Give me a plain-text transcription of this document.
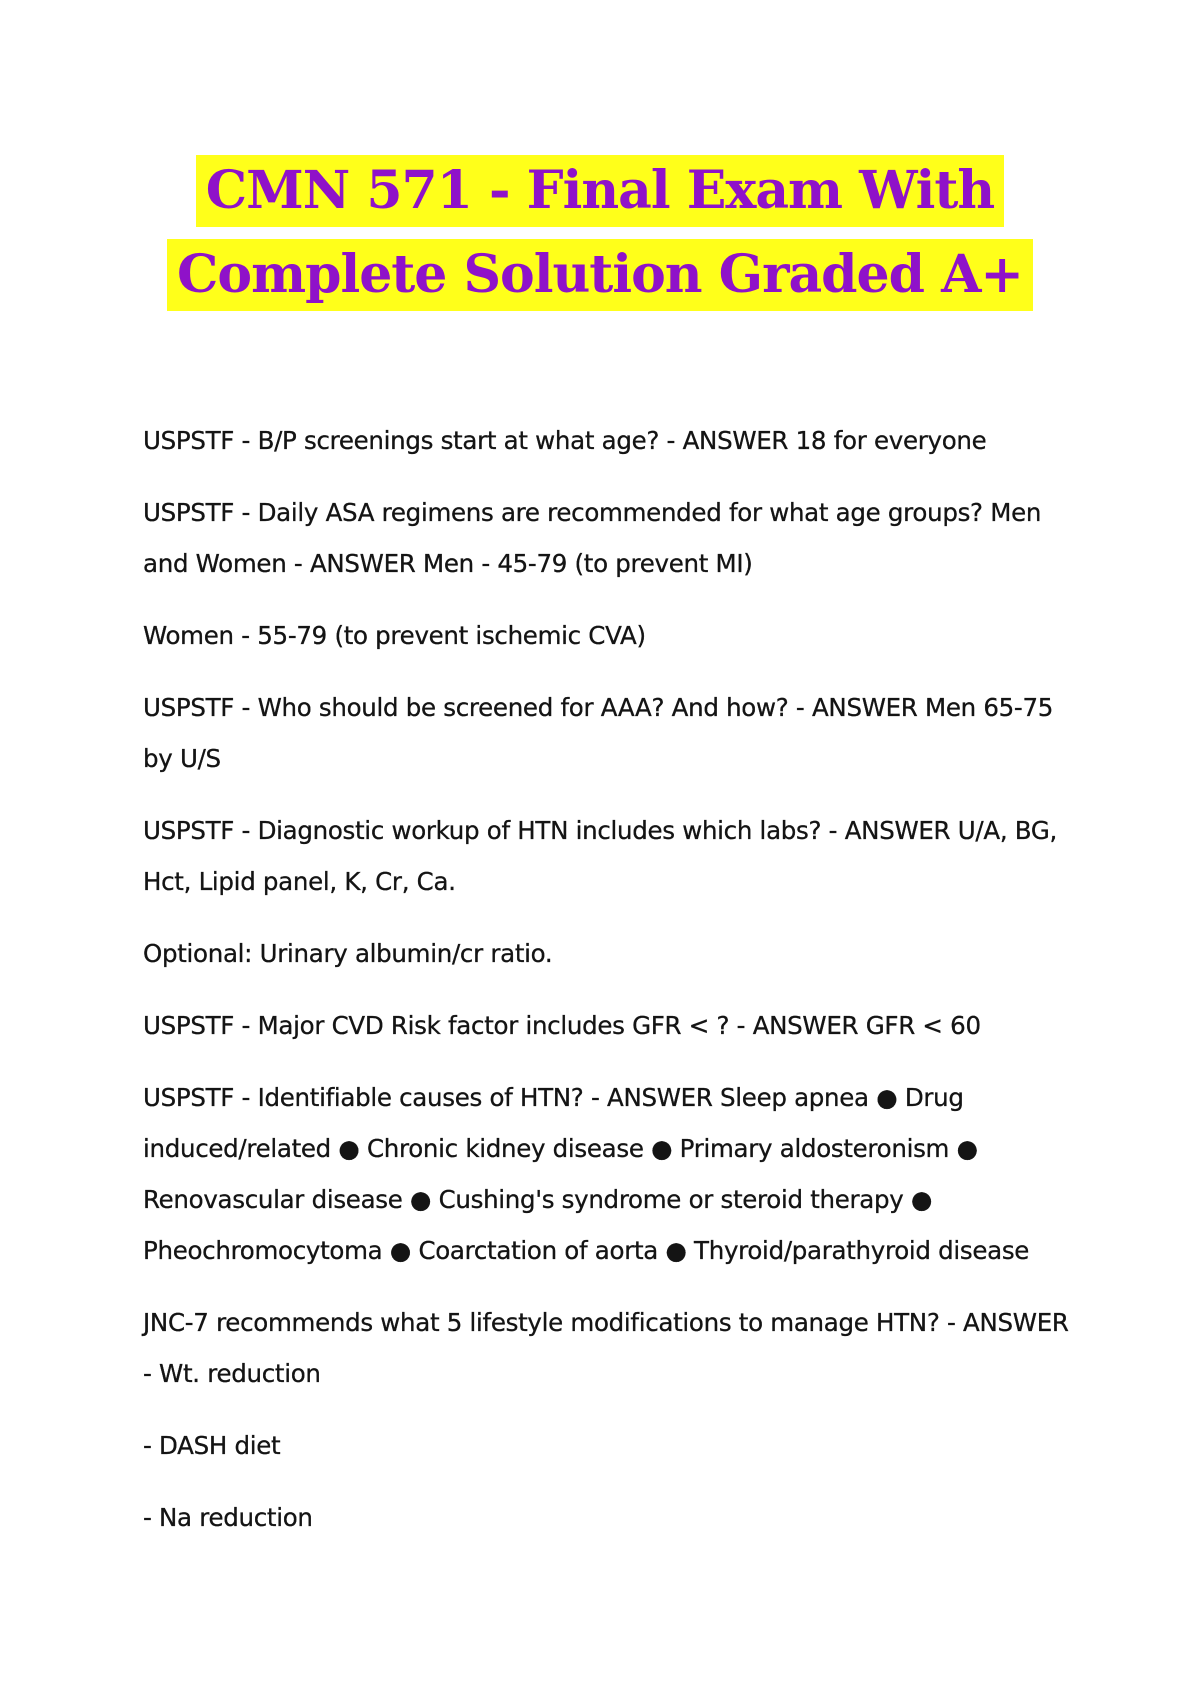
CMN 571 - Final Exam With
Complete Solution Graded A+

USPSTF - B/P screenings start at what age? - ANSWER 18 for everyone

USPSTF - Daily ASA regimens are recommended for what age groups? Men and Women - ANSWER Men - 45-79 (to prevent MI)

Women - 55-79 (to prevent ischemic CVA)

USPSTF - Who should be screened for AAA? And how? - ANSWER Men 65-75 by U/S

USPSTF - Diagnostic workup of HTN includes which labs? - ANSWER U/A, BG, Hct, Lipid panel, K, Cr, Ca.

Optional: Urinary albumin/cr ratio.

USPSTF - Major CVD Risk factor includes GFR < ? - ANSWER GFR < 60

USPSTF - Identifiable causes of HTN? - ANSWER Sleep apnea ● Drug induced/related ● Chronic kidney disease ● Primary aldosteronism ● Renovascular disease ● Cushing's syndrome or steroid therapy ● Pheochromocytoma ● Coarctation of aorta ● Thyroid/parathyroid disease

JNC-7 recommends what 5 lifestyle modifications to manage HTN? - ANSWER - Wt. reduction

- DASH diet

- Na reduction
